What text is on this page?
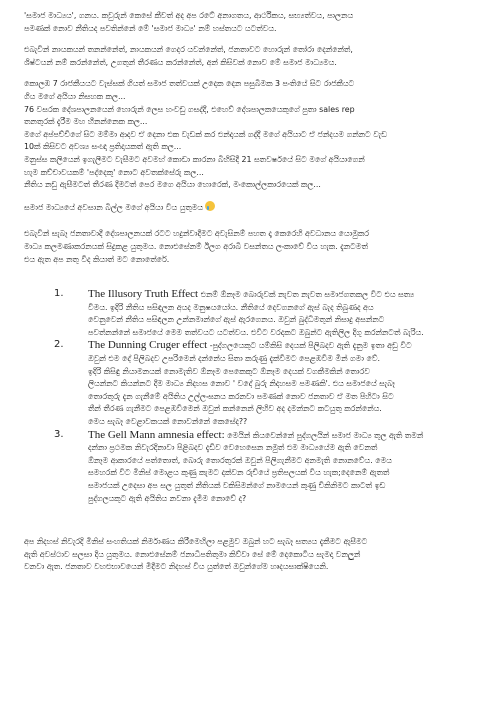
'සමාජ මාධ්‍යය', ගනය. කවුරුන් කෙසේ කීවත් අද අප රටේ අනාගතය, ආර්ථිකය, සභ්‍යත්වය, පාලනය
පමණක් නොව නීතියද පවතින්නේ මේ 'සමාජ මාධ්‍ය' නම් හස්තයට යටත්වය.

එබැවින් නායකයන් තනන්නේත්, නායකයන් ගෙදර යවන්නේත්, ජනතාවට හොරුන් තෝරා දෙන්නේත්,
ශිෂ්ටයන් නම් කරන්නේත්, උගතුන් තීරණය කරන්නේත්, අන් කිසිවක් නොව මේ සමාජ මාධ්‍යමය.

කොලඹ 7 රාජකීයයට වැස්සක් ගියත් සමාජ තත්වයක් උදෙක දෙන පසුබිමක 3 පංතියේ සිට රාජකීයට
ගිය මගේ අයියා නිසහක කල...
76 වසරක දේශපාලනයෙන් හොරුන් ලෙස හංවඩු ගසද්දී, එහෙව් දේශපාලකයෙකුගේ පුතා sales rep
තනතුරක් දැරීම මහ හීනන්නෙක කල...
මගේ අප්පච්චිගේ සිට මම්මා ආදව ඒ දෙනා එක වැඩක් කර එන්දායක් ගද්දී මගේ අයියාට ඒ ජන්දයම ගන්නට වැඩ
10ක් කිසිවට අවශ්‍ය සංඥා ප්‍රතිදායකත් ඇති කල...
මනුස්ස කලියෙන් ඉගැලීමට වැසීමට අවමහ් කොඩා කාරනා බිහිසිදී 21 සතවර්ෂයේ සිට මගේ අයියාගෙන්
හැම කච්චාවයකම් 'පද්දෙකු' නොට අවතක්සේරු කල...
නීතිය නඩු ඇසීමටත් තීරණ දීමටත් පෙර මගෙ අයියා හොරෙක්, මංකොල්ලකාරයෙක් කල...

සමාජ මාධ්‍යයේ අවසාන බිල්ල මගේ අයියා විය යුතුමය

එබැවින් සැබෑ ජනතාවාදී දේශපාලනයක් රටට හදුන්වාදීමට අවැසිනම් පහත දෑ කෙරෙහි අවධානය යොමුකර
මාධ්‍ය කලමණාකරනයක් සිදුකළ යුතුමය. නොඑසේනම් ඊලග අරාබි වසන්තය ලංකාවේ විය හැක. දැනටමත්
එය ඇත අප නතු වීද කියාත් මට නොතේරේ.

1. The Illusory Truth Effect එනම් ඕනෑම බොරුවක් නැවත නැවත සමාජගතකල විට එය සත්‍ය
වීමය. ඉදිරි නීතිය පසිඳලන අයද මනුෂයයෝය. නීතියේ දෙවගනගේ ඇස් බැද තිබුණද අය
වෙනුවෙන් නීතිය පසිඳලන උන්නමාන්ගේ ඇස් ඇරගෙනය. ඔවුන් බුද්ධිමතුන් නිසාදු අසන්නට
පවත්නන්නේ සමාජයේ මෙම තත්වයට යටත්වය. එවිට වරදකට ඔබුන්ට ඇතිලිල දිගු කරන්නටත් බැරිය.
2. The Dunning Cruger effect -පුද්ගලයෙකුට යම්කිසි දෙයක් පිලිබදව ඇති දැනුම ඉතා අඩු විට
ඔවුන් එම දේ පිලිබදව උපරිමෙන් දන්නේය සිතා කරුණු දැක්වීමට පෙළඹවීම මින් ගමා වේ.
ඉදිරි කිසිඳු නියාමනයක් නොමැතිව ඕනෑම පෙකෙකුට ඕනෑම දෙයක් වගකීමකින් තොරව
ලියන්නට කියන්නට දීම මාධ්‍ය නිදහස නොව ' වදේ බුරු නිදහසම පමණකි'. එය සමාජයේ සැබෑ
තොරතුරු දැන ගැනීමේ අයිතිය උල්ලංඝනය කරනවා පමණක් නොව ජනතාව ඒ මත පිහිටා සිට
තීන් තීරණ ගැනීමට පෙළඹවීමෙන් ඔවුන් කන්නෙන් ලිහිව අද දමන්නට කටයුතු කරන්නේය.
මෙය සැබෑ වෙළාවකයක් නොවන්නේ කෙසේද??
3. The Gell Mann amnesia effect: මෙයින් කියවෙන්නේ පුද්ගලයින් සමාජ මාධ්‍ය තුල ඇති තමන්
දන්නා ප්‍රථමක නිවැරදිනාවා පිළිබදව දැඩිව වෙහෙසෙන නමුත් එම මාධ්‍යයේම ඇති වෙනත්
ඕනෑම ආකාරයේ පත්තොත්, බොරු තොරතුරක් ඔවුන් පිලිගැනීමට අනමැති නොනවේය. මෙය
සමහරක් විට මිනිස් මොළය කුණු කැමට දක්වන රුචියේ ප්‍රතිපලයක් විය හැක;දෙනෙම් ඇතත්
සමාජයක් උදෙසා අප සල යුතුත් නීතියක් වකිසිමන්ගේ නාමයෙන් කුණු චිකිනිමට කාටත් ඉඩ
පුද්ගලයකුට ඇති අයිතිය නවනා දැමීම නොවේ ද?

අප නිදහස් නිවැරදි මිනිස් සංහතියක් නිර්මාණය කිරීමෙහිලා පළමුව ඔබුන් හට සැබෑ සත්‍යය දැකීමට ඇසීමට
ඇති අවස්ථාව සලසා දිය යුතුමය. නොඑසේනම් ජනාධිපතිතුමා කිව්වා සේ මේ දෙකොටිය සැමදා වනලුන්
වනවා ඇත. ජනතාව වහළුභාවයෙන් මිදීමට නිදහස් විය යුත්තේ ඔවුන්ගේම හෘදයසාක්ෂියෙනි.
